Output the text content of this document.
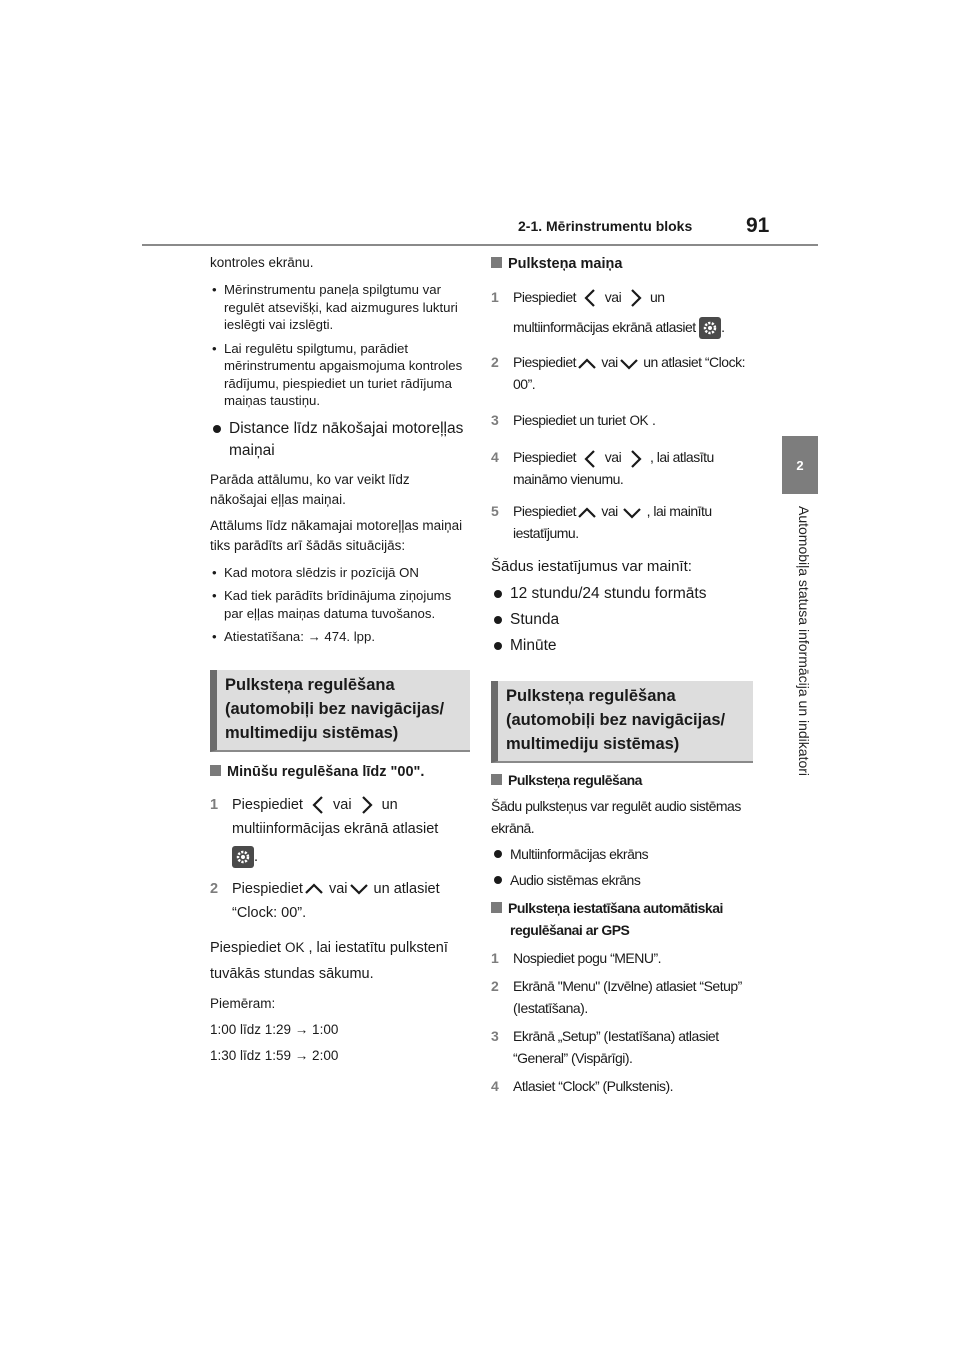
2-1. Mērinstrumentu bloks	91
2
Automobiļa statusa informācija un indikatori

kontroles ekrānu.

• Mērinstrumentu paneļa spilgtumu var regulēt atsevišķi, kad aizmugures lukturi ieslēgti vai izslēgti.

• Lai regulētu spilgtumu, parādiet mērinstrumentu apgaismojuma kontroles rādījumu, piespiediet un turiet rādījuma maiņas taustiņu.

Distance līdz nākošajai motoreļļas maiņai

Parāda attālumu, ko var veikt līdz nākošajai eļļas maiņai.

Attālums līdz nākamajai motoreļļas maiņai tiks parādīts arī šādās situācijās:

• Kad motora slēdzis ir pozīcijā ON

• Kad tiek parādīts brīdinājuma ziņojums par eļļas maiņas datuma tuvošanos.

• Atiestatīšana: → 474. lpp.

Pulksteņa regulēšana (automobiļi bez navigācijas/ multimediju sistēmas)

Minūšu regulēšana līdz "00".

1 Piespiediet vai un multiinformācijas ekrānā atlasiet
.
2 Piespiediet vai un atlasiet “Clock: 00”.

Piespiediet OK , lai iestatītu pulkstenī tuvākās stundas sākumu.

Piemēram:

1:00 līdz 1:29 → 1:00

1:30 līdz 1:59 → 2:00

Pulksteņa maiņa

1 Piespiediet vai un
multiinformācijas ekrānā atlasiet .
2 Piespiediet vai un atlasiet “Clock: 00”.
3 Piespiediet un turiet OK .
4 Piespiediet vai , lai atlasītu maināmo vienumu.
5 Piespiediet vai , lai mainītu iestatījumu.

Šādus iestatījumus var mainīt:

12 stundu/24 stundu formāts

Stunda

Minūte

Pulksteņa regulēšana (automobiļi bez navigācijas/ multimediju sistēmas)

Pulksteņa regulēšana

Šādu pulksteņus var regulēt audio sistēmas ekrānā.

Multiinformācijas ekrāns

Audio sistēmas ekrāns

Pulksteņa iestatīšana automātiskai regulēšanai ar GPS

1 Nospiediet pogu “MENU”.
2 Ekrānā "Menu" (Izvēlne) atlasiet “Setup” (Iestatīšana).
3 Ekrānā „Setup” (Iestatīšana) atlasiet “General” (Vispārīgi).
4 Atlasiet “Clock” (Pulkstenis).
